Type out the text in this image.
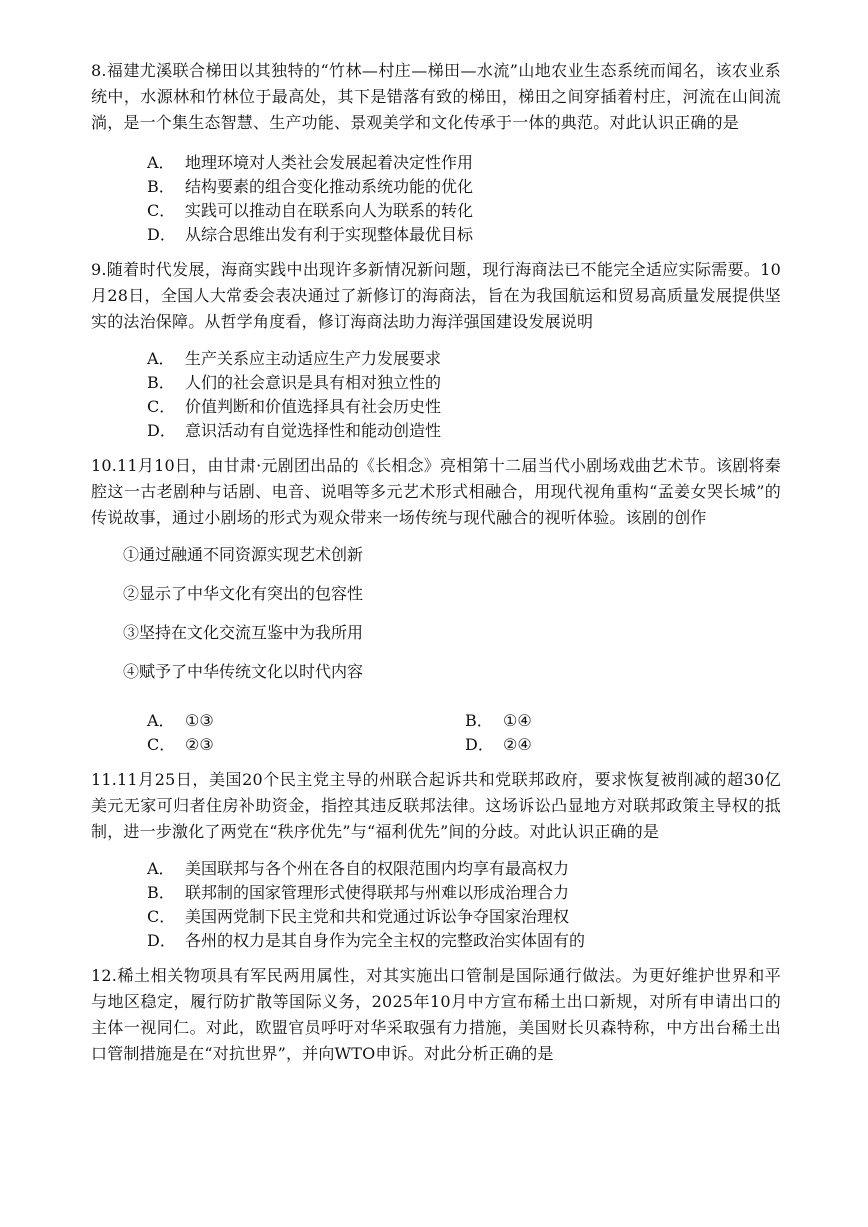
8.福建尤溪联合梯田以其独特的“竹林—村庄—梯田—水流”山地农业生态系统而闻名，该农业系统中，水源林和竹林位于最高处，其下是错落有致的梯田，梯田之间穿插着村庄，河流在山间流淌，是一个集生态智慧、生产功能、景观美学和文化传承于一体的典范。对此认识正确的是

A． 地理环境对人类社会发展起着决定性作用
B． 结构要素的组合变化推动系统功能的优化
C． 实践可以推动自在联系向人为联系的转化
D． 从综合思维出发有利于实现整体最优目标

9.随着时代发展，海商实践中出现许多新情况新问题，现行海商法已不能完全适应实际需要。10月28日，全国人大常委会表决通过了新修订的海商法，旨在为我国航运和贸易高质量发展提供坚实的法治保障。从哲学角度看，修订海商法助力海洋强国建设发展说明

A． 生产关系应主动适应生产力发展要求
B． 人们的社会意识是具有相对独立性的
C． 价值判断和价值选择具有社会历史性
D． 意识活动有自觉选择性和能动创造性

10.11月10日，由甘肃·元剧团出品的《长相念》亮相第十二届当代小剧场戏曲艺术节。该剧将秦腔这一古老剧种与话剧、电音、说唱等多元艺术形式相融合，用现代视角重构“孟姜女哭长城”的传说故事，通过小剧场的形式为观众带来一场传统与现代融合的视听体验。该剧的创作

①通过融通不同资源实现艺术创新

②显示了中华文化有突出的包容性

③坚持在文化交流互鉴中为我所用

④赋予了中华传统文化以时代内容

A． ①③	B． ①④
C． ②③	D． ②④

11.11月25日，美国20个民主党主导的州联合起诉共和党联邦政府，要求恢复被削减的超30亿美元无家可归者住房补助资金，指控其违反联邦法律。这场诉讼凸显地方对联邦政策主导权的抵制，进一步激化了两党在“秩序优先”与“福利优先”间的分歧。对此认识正确的是

A． 美国联邦与各个州在各自的权限范围内均享有最高权力
B． 联邦制的国家管理形式使得联邦与州难以形成治理合力
C． 美国两党制下民主党和共和党通过诉讼争夺国家治理权
D． 各州的权力是其自身作为完全主权的完整政治实体固有的

12.稀土相关物项具有军民两用属性，对其实施出口管制是国际通行做法。为更好维护世界和平与地区稳定，履行防扩散等国际义务，2025年10月中方宣布稀土出口新规，对所有申请出口的主体一视同仁。对此，欧盟官员呼吁对华采取强有力措施，美国财长贝森特称，中方出台稀土出口管制措施是在“对抗世界”，并向WTO申诉。对此分析正确的是
